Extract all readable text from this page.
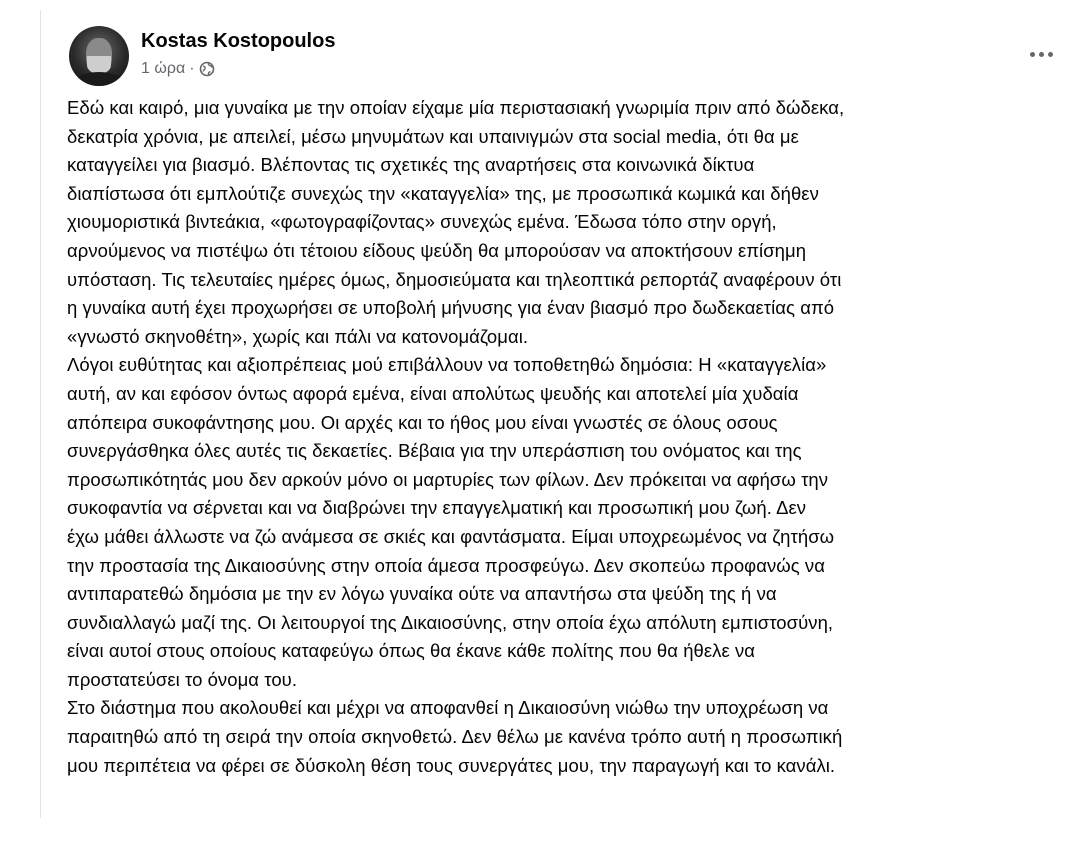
Kostas Kostopoulos
1 ώρα ·
Εδώ και καιρό, μια γυναίκα με την οποίαν είχαμε μία περιστασιακή γνωριμία πριν από δώδεκα,
δεκατρία χρόνια, με απειλεί, μέσω μηνυμάτων και υπαινιγμών στα social media, ότι θα με
καταγγείλει για βιασμό. Βλέποντας τις σχετικές της αναρτήσεις στα κοινωνικά δίκτυα
διαπίστωσα ότι εμπλούτιζε συνεχώς την «καταγγελία» της, με προσωπικά κωμικά και δήθεν
χιουμοριστικά βιντεάκια, «φωτογραφίζοντας» συνεχώς εμένα. Έδωσα τόπο στην οργή,
αρνούμενος να πιστέψω ότι τέτοιου είδους ψεύδη θα μπορούσαν να αποκτήσουν επίσημη
υπόσταση. Τις τελευταίες ημέρες όμως, δημοσιεύματα και τηλεοπτικά ρεπορτάζ αναφέρουν ότι
η γυναίκα αυτή έχει προχωρήσει σε υποβολή μήνυσης για έναν βιασμό προ δωδεκαετίας από
«γνωστό σκηνοθέτη», χωρίς και πάλι να κατονομάζομαι.
Λόγοι ευθύτητας και αξιοπρέπειας μού επιβάλλουν να τοποθετηθώ δημόσια: Η «καταγγελία»
αυτή, αν και εφόσον όντως αφορά εμένα, είναι απολύτως ψευδής και αποτελεί μία χυδαία
απόπειρα συκοφάντησης μου. Οι αρχές και το ήθος μου είναι γνωστές σε όλους οσους
συνεργάσθηκα όλες αυτές τις δεκαετίες. Βέβαια για την υπεράσπιση του ονόματος και της
προσωπικότητάς μου δεν αρκούν μόνο οι μαρτυρίες των φίλων. Δεν πρόκειται να αφήσω την
συκοφαντία να σέρνεται και να διαβρώνει την επαγγελματική και προσωπική μου ζωή. Δεν
έχω μάθει άλλωστε να ζώ ανάμεσα σε σκιές και φαντάσματα. Είμαι υποχρεωμένος να ζητήσω
την προστασία της Δικαιοσύνης στην οποία άμεσα προσφεύγω. Δεν σκοπεύω προφανώς να
αντιπαρατεθώ δημόσια με την εν λόγω γυναίκα ούτε να απαντήσω στα ψεύδη της ή να
συνδιαλλαγώ μαζί της. Οι λειτουργοί της Δικαιοσύνης, στην οποία έχω απόλυτη εμπιστοσύνη,
είναι αυτοί στους οποίους καταφεύγω όπως θα έκανε κάθε πολίτης που θα ήθελε να
προστατεύσει το όνομα του.
Στο διάστημα που ακολουθεί και μέχρι να αποφανθεί η Δικαιοσύνη νιώθω την υποχρέωση να
παραιτηθώ από τη σειρά την οποία σκηνοθετώ. Δεν θέλω με κανένα τρόπο αυτή η προσωπική
μου περιπέτεια να φέρει σε δύσκολη θέση τους συνεργάτες μου, την παραγωγή και το κανάλι.
